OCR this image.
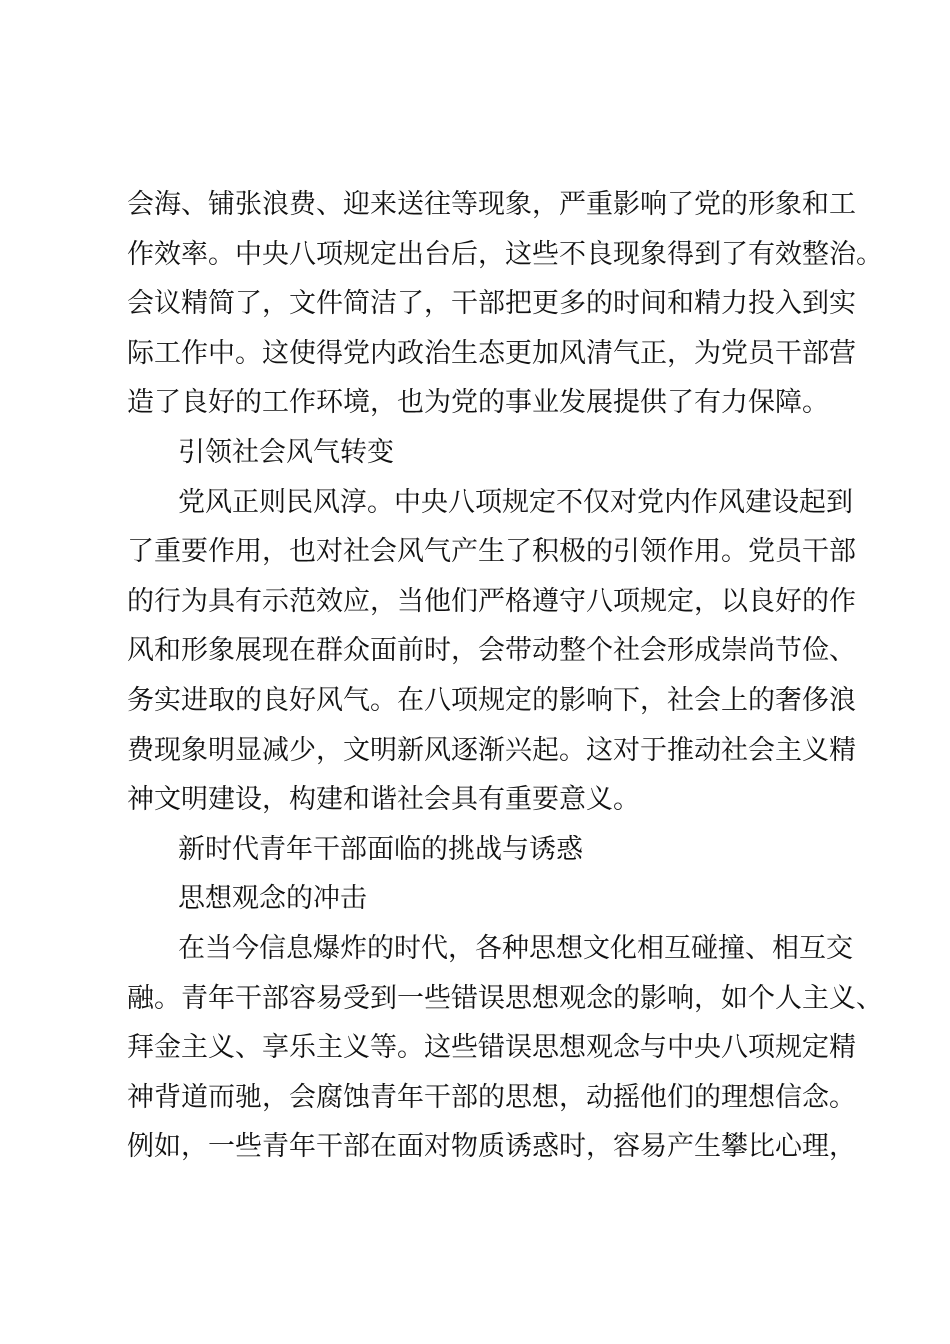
会海、铺张浪费、迎来送往等现象，严重影响了党的形象和工
作效率。中央八项规定出台后，这些不良现象得到了有效整治。
会议精简了，文件简洁了，干部把更多的时间和精力投入到实
际工作中。这使得党内政治生态更加风清气正，为党员干部营
造了良好的工作环境，也为党的事业发展提供了有力保障。
引领社会风气转变
党风正则民风淳。中央八项规定不仅对党内作风建设起到
了重要作用，也对社会风气产生了积极的引领作用。党员干部
的行为具有示范效应，当他们严格遵守八项规定，以良好的作
风和形象展现在群众面前时，会带动整个社会形成崇尚节俭、
务实进取的良好风气。在八项规定的影响下，社会上的奢侈浪
费现象明显减少，文明新风逐渐兴起。这对于推动社会主义精
神文明建设，构建和谐社会具有重要意义。
新时代青年干部面临的挑战与诱惑
思想观念的冲击
在当今信息爆炸的时代，各种思想文化相互碰撞、相互交
融。青年干部容易受到一些错误思想观念的影响，如个人主义、
拜金主义、享乐主义等。这些错误思想观念与中央八项规定精
神背道而驰，会腐蚀青年干部的思想，动摇他们的理想信念。
例如，一些青年干部在面对物质诱惑时，容易产生攀比心理，
